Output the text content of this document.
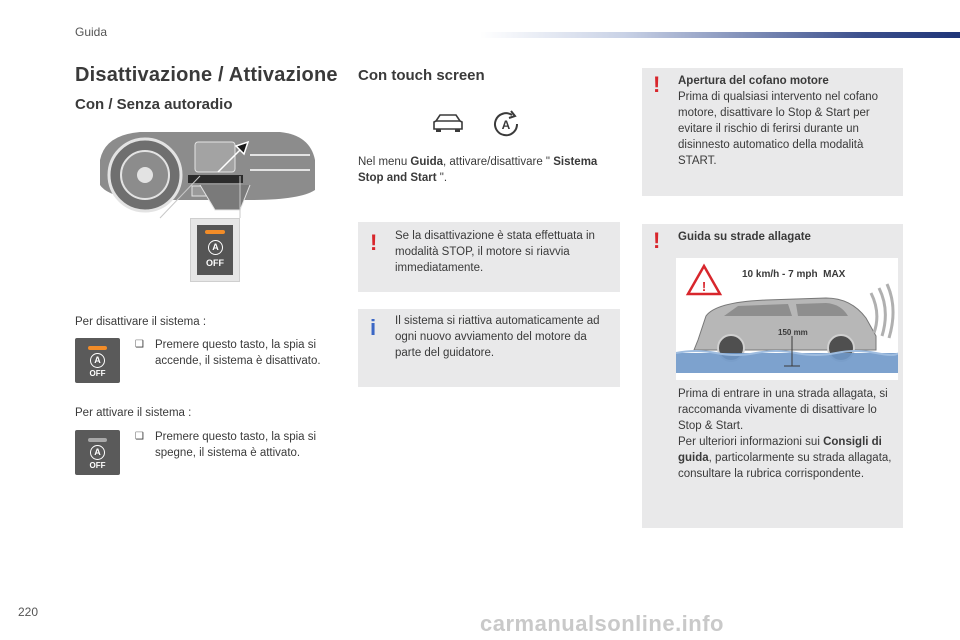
Guida
Disattivazione / Attivazione
Con / Senza autoradio
A
OFF
Per disattivare il sistema :
A
OFF
❑ Premere questo tasto, la spia si accende, il sistema è disattivato.
Per attivare il sistema :
A
OFF
❑ Premere questo tasto, la spia si spegne, il sistema è attivato.
Con touch screen
A
Nel menu Guida, attivare/disattivare " Sistema Stop and Start ".
! Se la disattivazione è stata effettuata in modalità STOP, il motore si riavvia immediatamente.
i Il sistema si riattiva automaticamente ad ogni nuovo avviamento del motore da parte del guidatore.
! Apertura del cofano motore
Prima di qualsiasi intervento nel cofano motore, disattivare lo Stop & Start per evitare il rischio di ferirsi durante un disinnesto automatico della modalità START.
! Guida su strade allagate
!
10 km/h - 7 mph  MAX
150 mm
Prima di entrare in una strada allagata, si raccomanda vivamente di disattivare lo Stop & Start.
Per ulteriori informazioni sui Consigli di guida, particolarmente su strada allagata, consultare la rubrica corrispondente.
220	carmanualsonline.info
